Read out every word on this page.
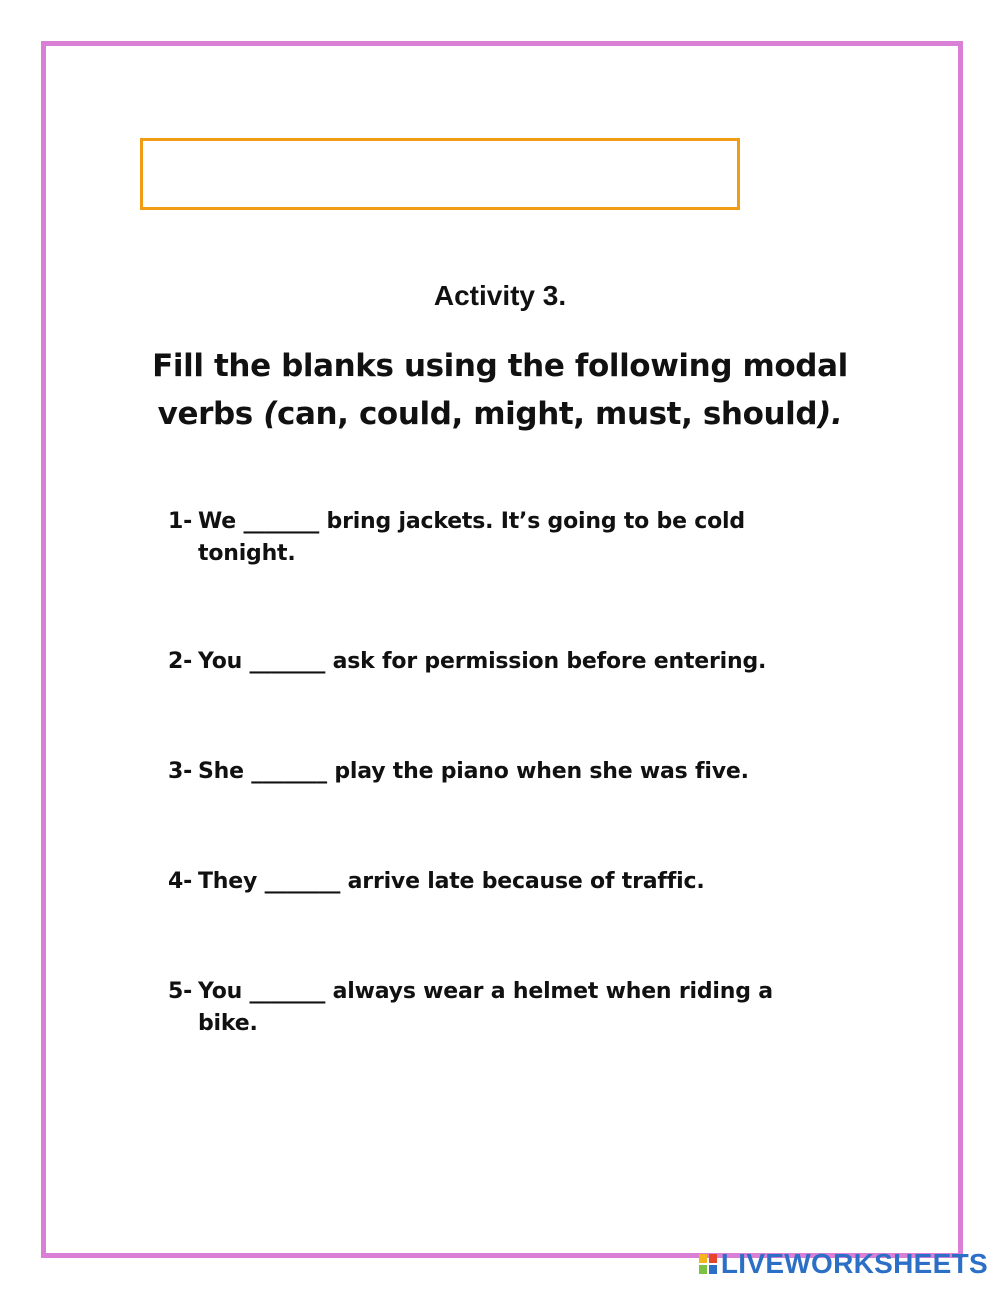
Activity 3.
Fill the blanks using the following modal
verbs (can, could, might, must, should).
1- We _______ bring jackets. It’s going to be cold tonight.
2- You _______ ask for permission before entering.
3- She _______ play the piano when she was five.
4- They _______ arrive late because of traffic.
5- You _______ always wear a helmet when riding a bike.
LIVEWORKSHEETS
